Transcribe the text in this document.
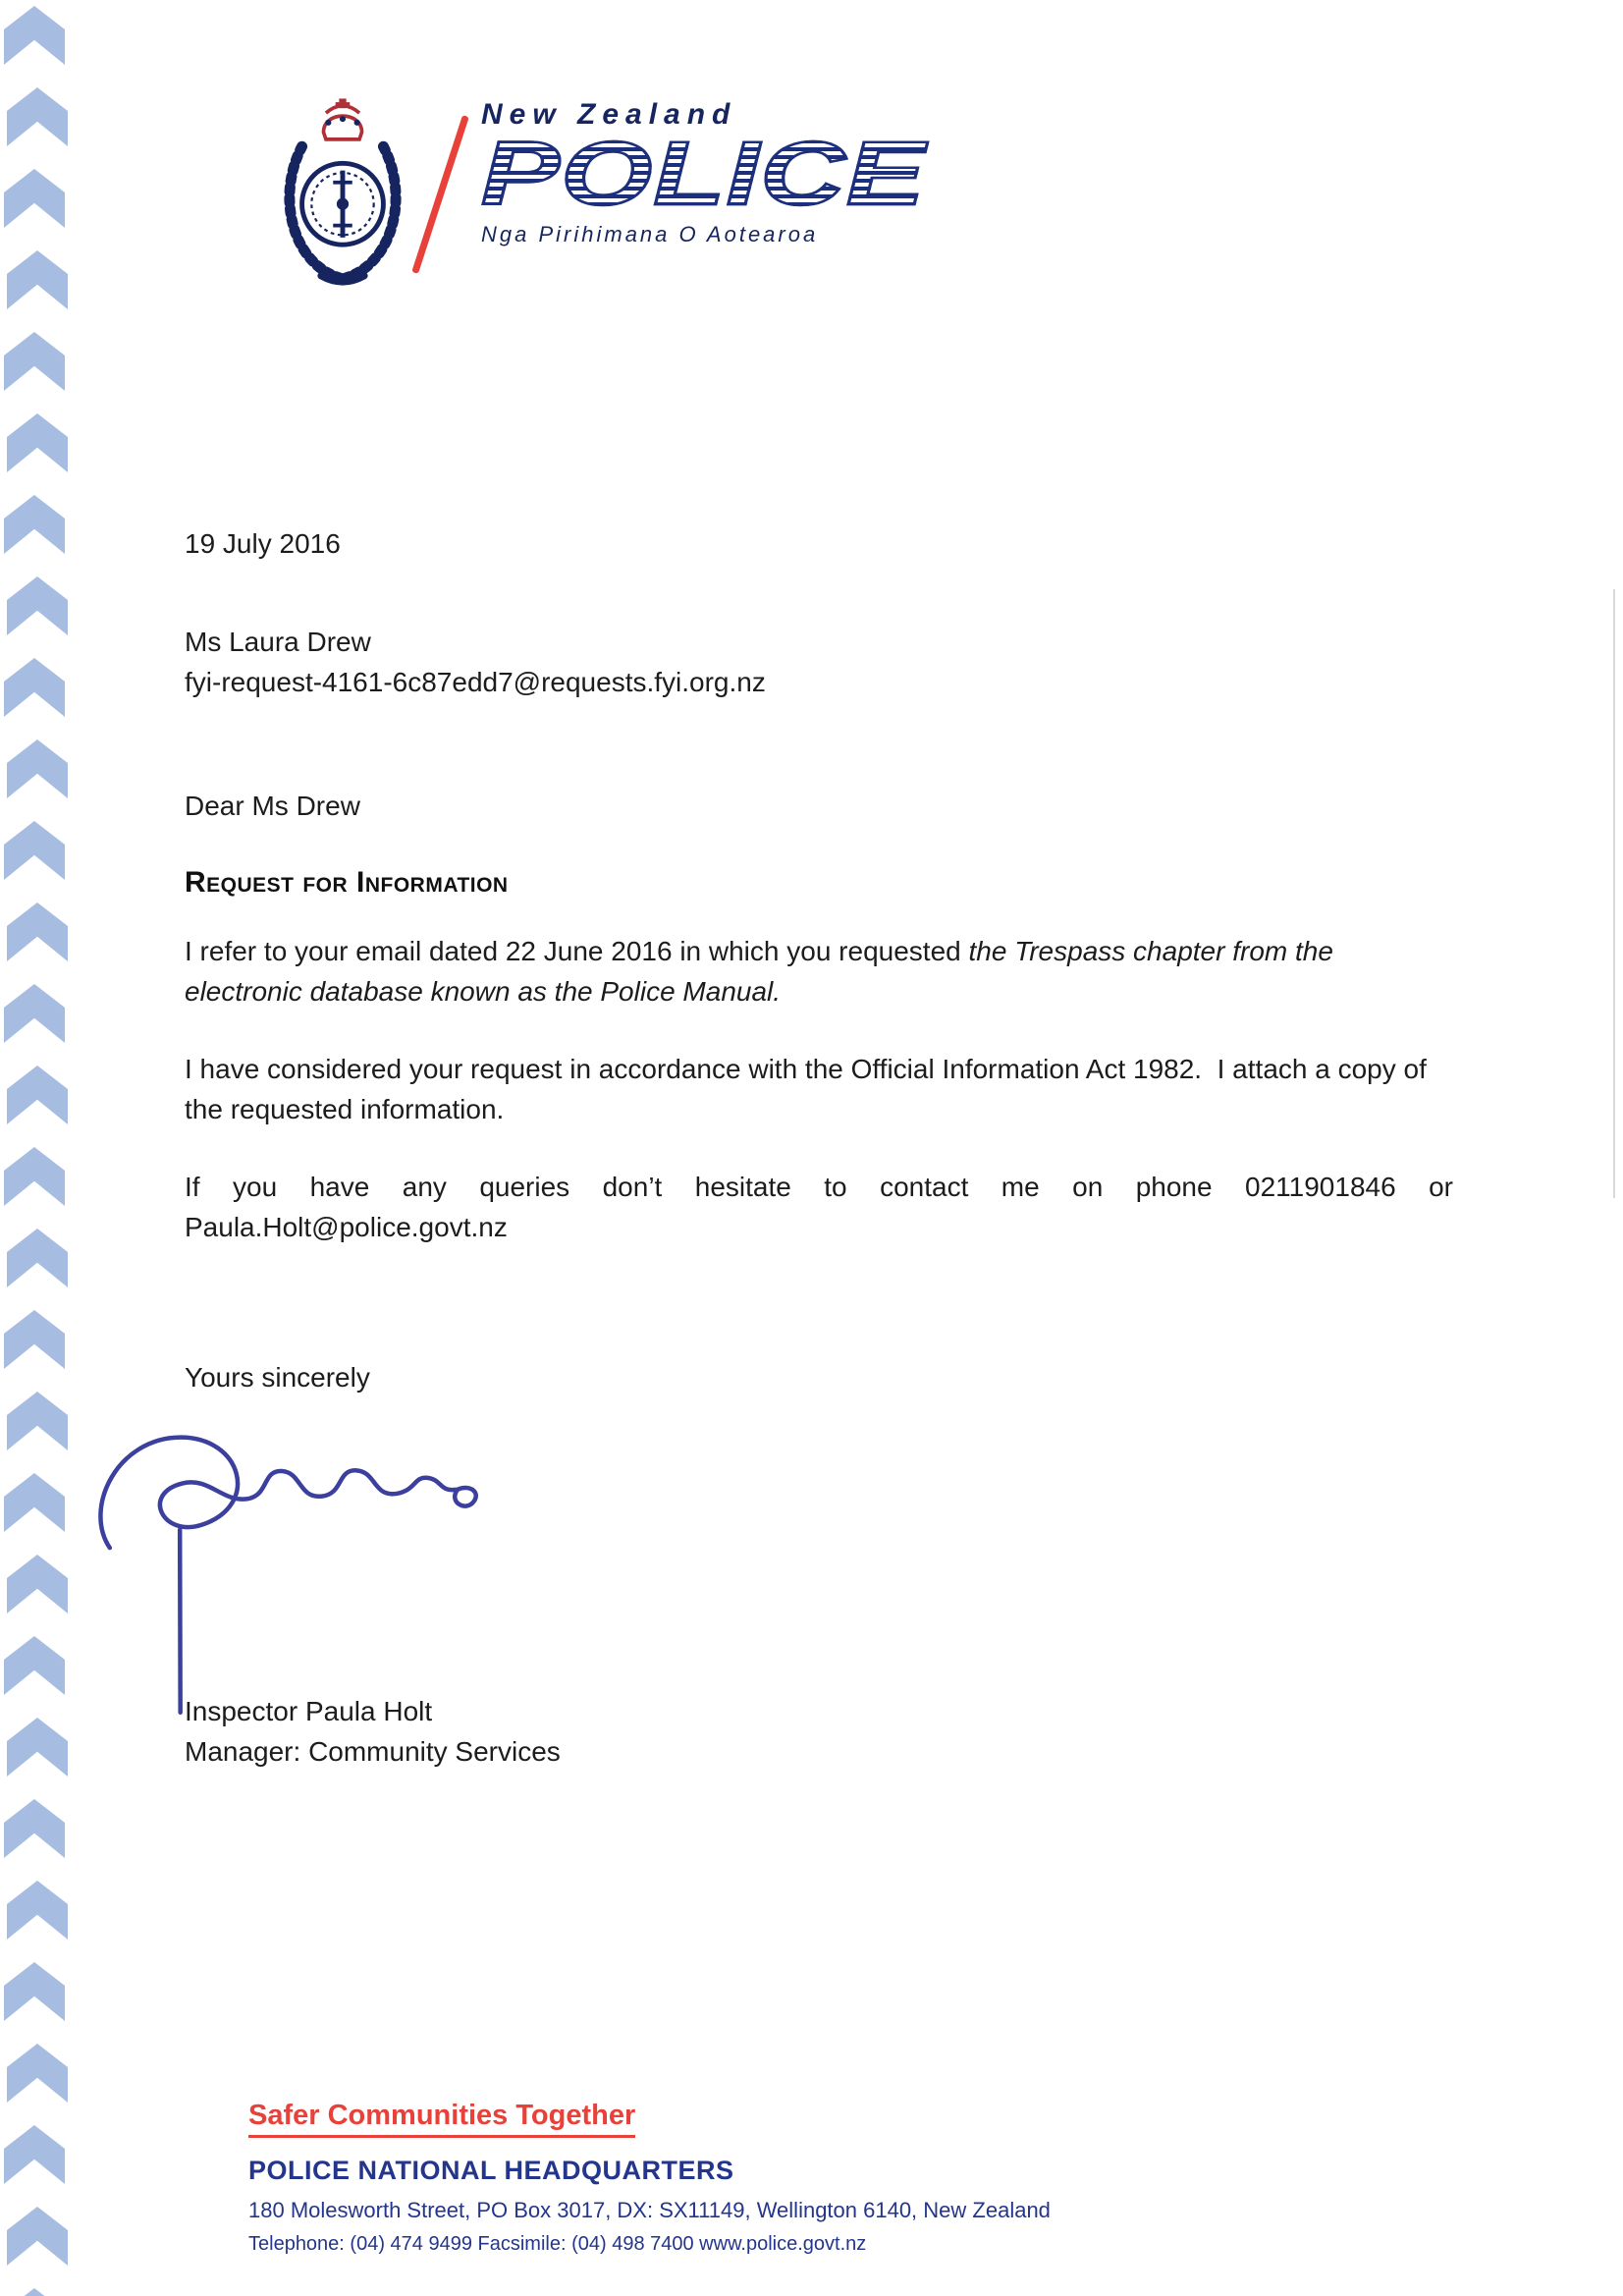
New Zealand
POLICE
Nga Pirihimana O Aotearoa
19 July 2016
Ms Laura Drew
fyi-request-4161-6c87edd7@requests.fyi.org.nz
Dear Ms Drew
Request for Information
I refer to your email dated 22 June 2016 in which you requested the Trespass chapter from the electronic database known as the Police Manual.
I have considered your request in accordance with the Official Information Act 1982.  I attach a copy of the requested information.
If you have any queries don’t hesitate to contact me on phone 0211901846 or Paula.Holt@police.govt.nz
Yours sincerely
Inspector Paula Holt
Manager: Community Services
Safer Communities Together
POLICE NATIONAL HEADQUARTERS
180 Molesworth Street, PO Box 3017, DX: SX11149, Wellington 6140, New Zealand
Telephone: (04) 474 9499 Facsimile: (04) 498 7400 www.police.govt.nz
